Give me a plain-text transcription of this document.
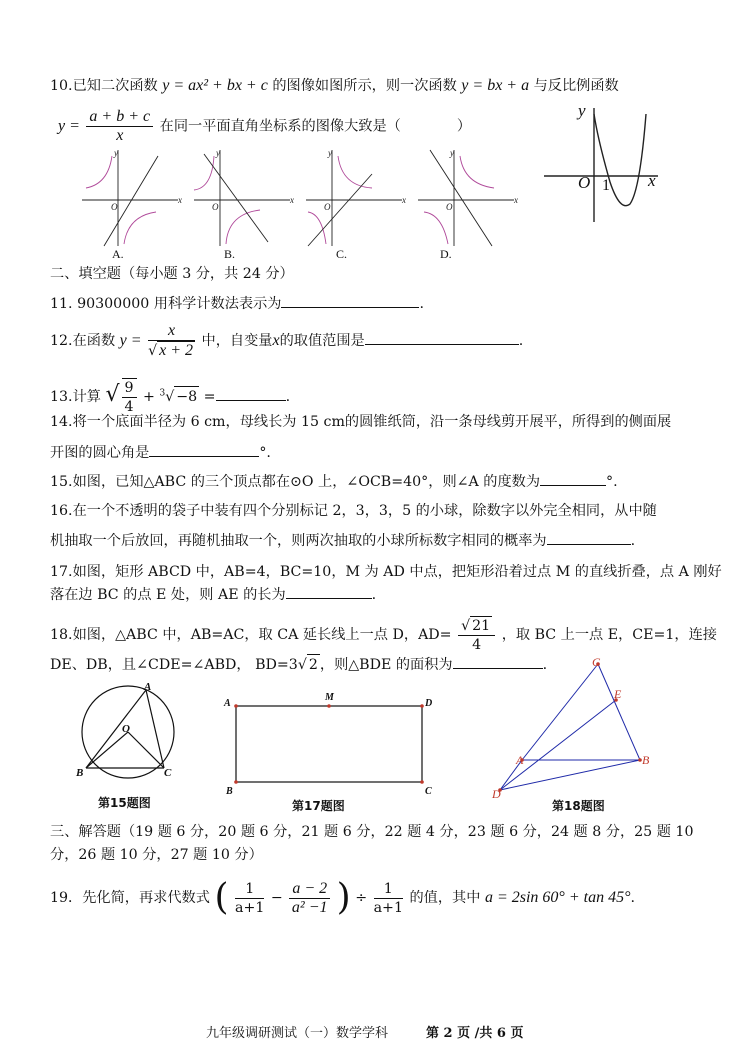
10.已知二次函数 y = ax² + bx + c 的图像如图所示，则一次函数 y = bx + a 与反比例函数
$y = \frac{a + b + c}{x}$ 在同一平面直角坐标系的图像大致是（	）
y
x
O
y
x
O
y
x
O
y
x
O
A.	B.	C.	D.
y
x
O 1
二、填空题（每小题 3 分，共 24 分）
11. 90300000 用科学计数法表示为	.
12.在函数 $y = \frac{x}{√ x + 2}$ 中，自变量x的取值范围是	.
13.计算 √ $\frac{9}{4} + ^3√ -8$ =	.
14.将一个底面半径为 6 cm，母线长为 15 cm的圆锥纸筒，沿一条母线剪开展平，所得到的侧面展
开图的圆心角是	°.
15.如图，已知△ABC 的三个顶点都在⊙O 上，∠OCB=40°，则∠A 的度数为	°.
16.在一个不透明的袋子中装有四个分别标记 2，3，3，5 的小球，除数字以外完全相同，从中随
机抽取一个后放回，再随机抽取一个，则两次抽取的小球所标数字相同的概率为	.
17.如图，矩形 ABCD 中，AB=4，BC=10，M 为 AD 中点，把矩形沿着过点 M 的直线折叠，点 A 刚好
落在边 BC 的点 E 处，则 AE 的长为	.
18.如图，△ABC 中，AB=AC，取 CA 延长线上一点 D，$AD= \frac{√ 21}{4}$ ，取 BC 上一点 E，CE=1，连接
DE、DB，且∠CDE=∠ABD， BD=3√ 2 ，则△BDE 的面积为	.
A
B	C
O
第15题图
A	D
M
B	C
第17题图
C
E
A	B
D
第18题图
三、解答题（19 题 6 分，20 题 6 分，21 题 6 分，22 题 4 分，23 题 6 分，24 题 8 分，25 题 10
分，26 题 10 分，27 题 10 分）
19．先化简，再求代数式 ( $\frac{1}{a+1} - \frac{a - 2}{\text{a² −1}}$ ) ÷ $\frac{1}{a+1}$ 的值，其中 a = 2sin 60° + tan 45°.
九年级调研测试（一）数学学科	第 2 页 /共 6 页
